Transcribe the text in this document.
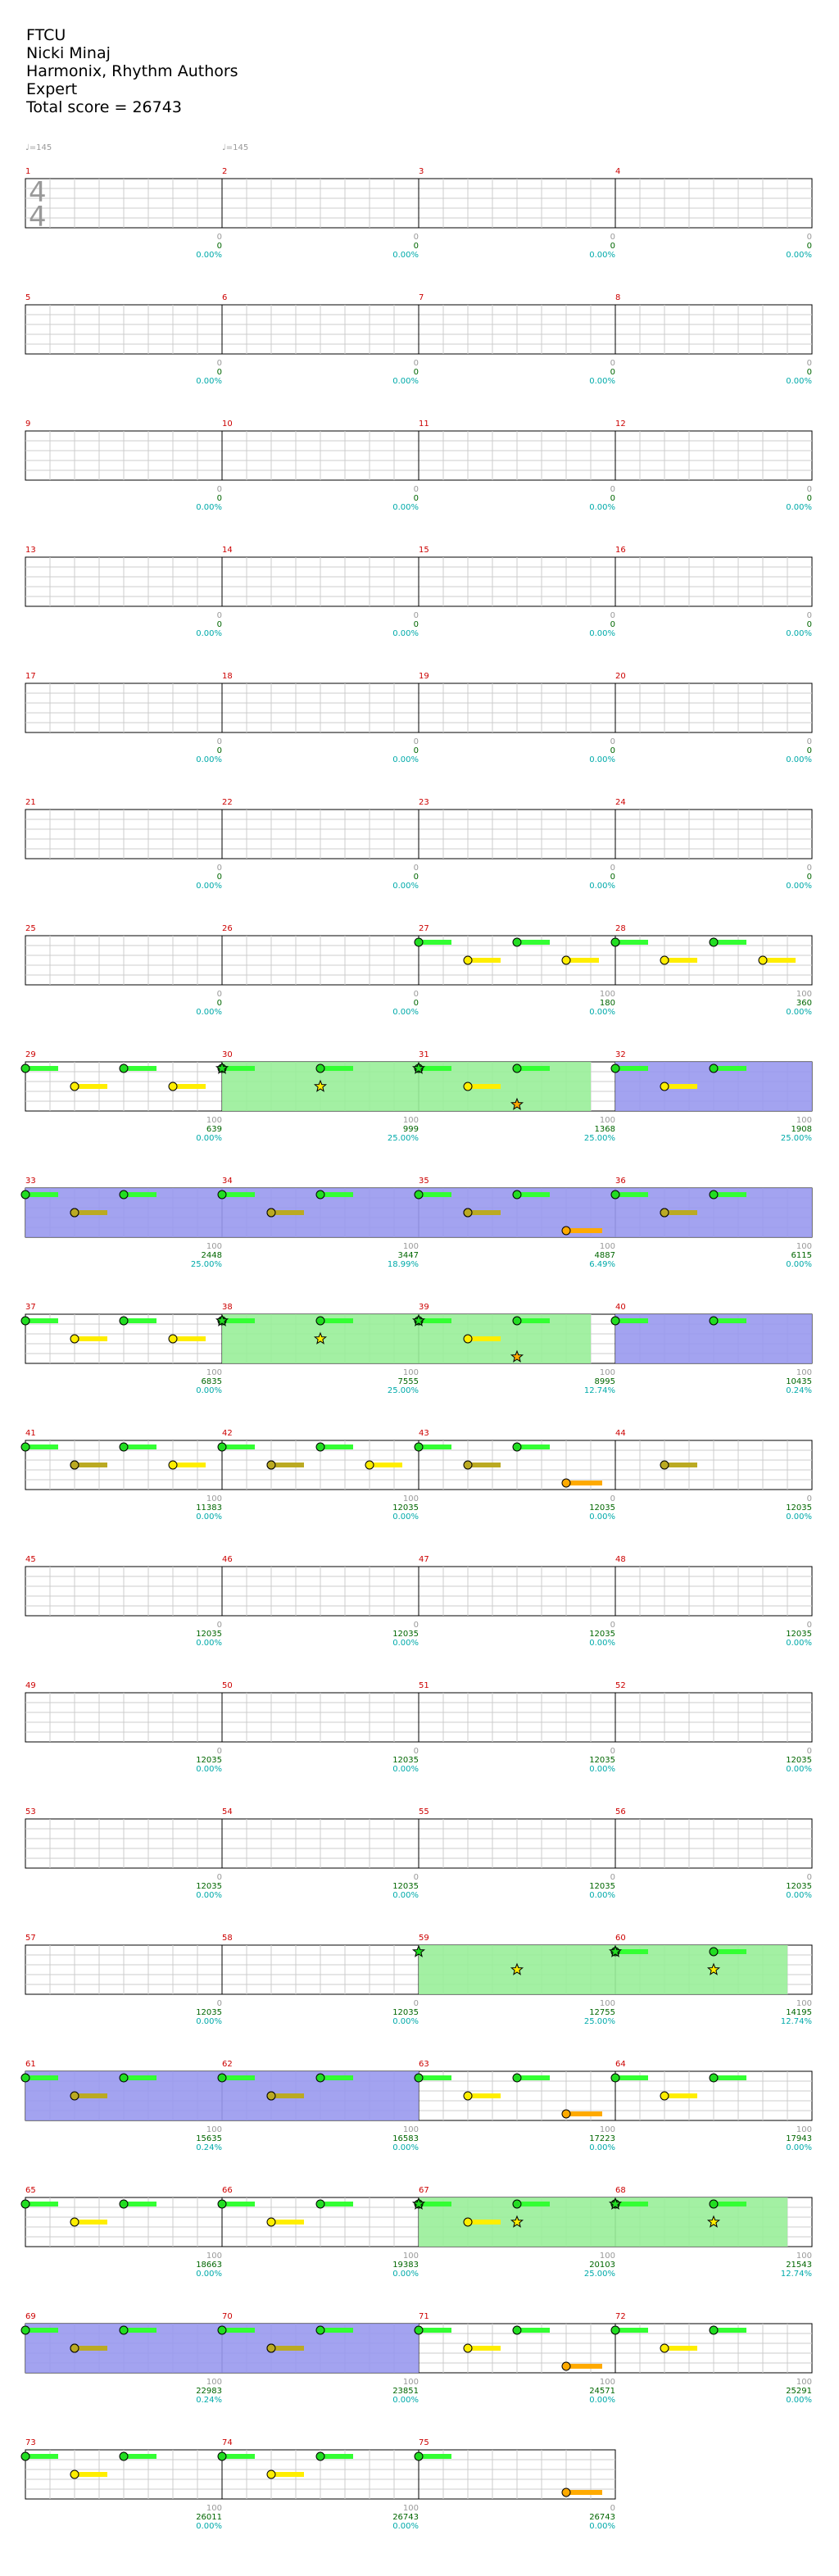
FTCU
Nicki Minaj
Harmonix, Rhythm Authors
Expert
Total score = 26743
♩=145	♩=145
4
4
1
0
0
0.00%
2
0
0
0.00%
3
0
0
0.00%
4
0
0
0.00%
5
0
0
0.00%
6
0
0
0.00%
7
0
0
0.00%
8
0
0
0.00%
9
0
0
0.00%
10
0
0
0.00%
11
0
0
0.00%
12
0
0
0.00%
13
0
0
0.00%
14
0
0
0.00%
15
0
0
0.00%
16
0
0
0.00%
17
0
0
0.00%
18
0
0
0.00%
19
0
0
0.00%
20
0
0
0.00%
21
0
0
0.00%
22
0
0
0.00%
23
0
0
0.00%
24
0
0
0.00%
25
0
0
0.00%
26
0
0
0.00%
27
100
180
0.00%
28
100
360
0.00%
29
100
639
0.00%
30
100
999
25.00%
31
100
1368
25.00%
32
100
1908
25.00%
33
100
2448
25.00%
34
100
3447
18.99%
35
100
4887
6.49%
36
100
6115
0.00%
37
100
6835
0.00%
38
100
7555
25.00%
39
100
8995
12.74%
40
100
10435
0.24%
41
100
11383
0.00%
42
100
12035
0.00%
43
0
12035
0.00%
44
0
12035
0.00%
45
0
12035
0.00%
46
0
12035
0.00%
47
0
12035
0.00%
48
0
12035
0.00%
49
0
12035
0.00%
50
0
12035
0.00%
51
0
12035
0.00%
52
0
12035
0.00%
53
0
12035
0.00%
54
0
12035
0.00%
55
0
12035
0.00%
56
0
12035
0.00%
57
0
12035
0.00%
58
0
12035
0.00%
59
100
12755
25.00%
60
100
14195
12.74%
61
100
15635
0.24%
62
100
16583
0.00%
63
100
17223
0.00%
64
100
17943
0.00%
65
100
18663
0.00%
66
100
19383
0.00%
67
100
20103
25.00%
68
100
21543
12.74%
69
100
22983
0.24%
70
100
23851
0.00%
71
100
24571
0.00%
72
100
25291
0.00%
73
100
26011
0.00%
74
100
26743
0.00%
75
0
26743
0.00%
